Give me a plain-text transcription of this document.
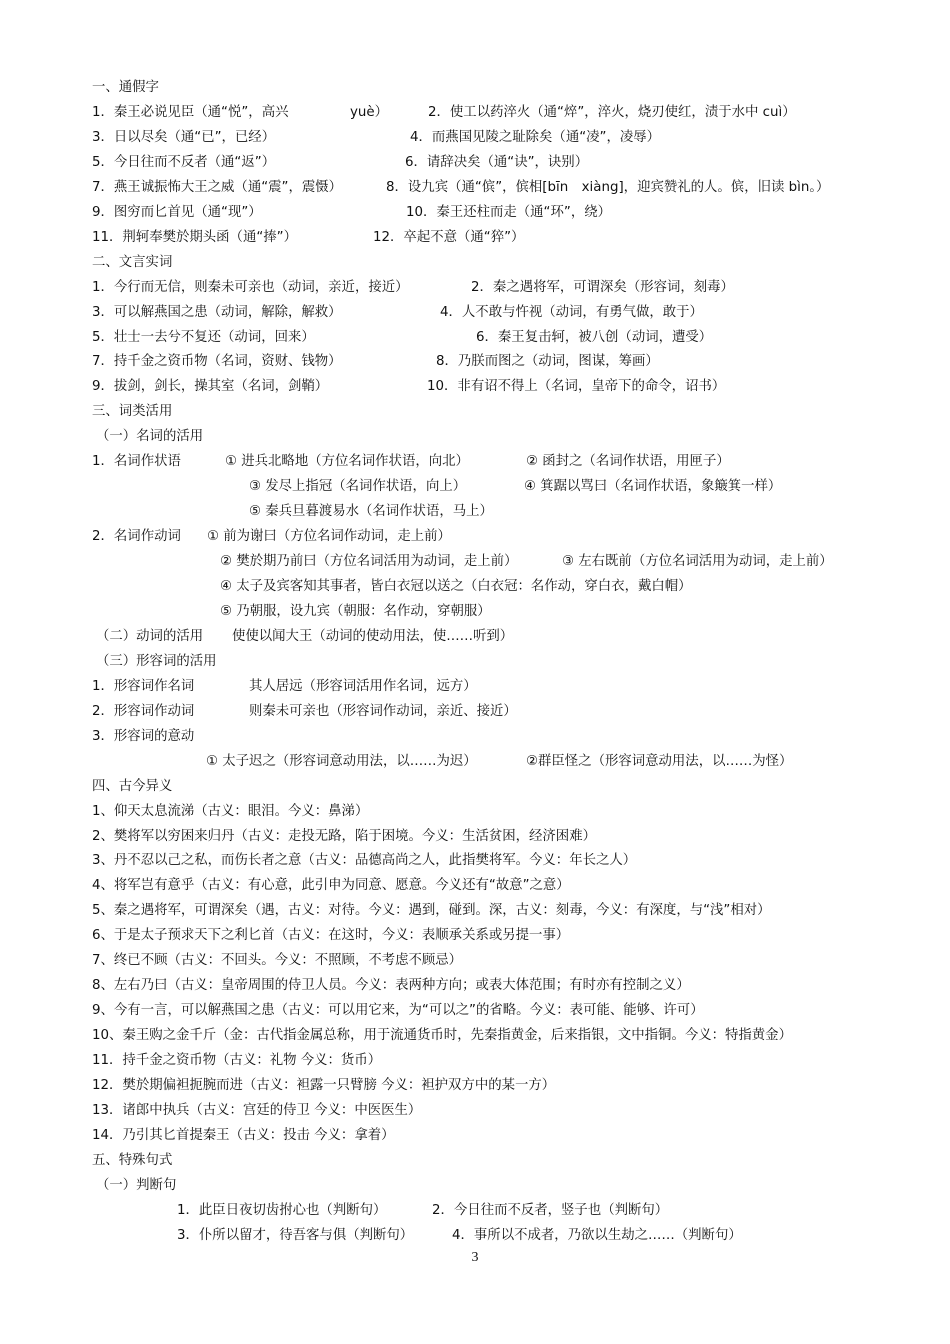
一、通假字
1．秦王必说见臣（通“悦”，高兴	yuè）	2．使工以药淬火（通“焠”，淬火，烧刃使红，渍于水中 cuì）
3．日以尽矣（通“已”，已经）	4．而燕国见陵之耻除矣（通“凌”，凌辱）
5．今日往而不反者（通“返”）	6．请辞决矣（通“诀”，诀别）
7．燕王诚振怖大王之威（通“震”，震慑）	8．设九宾（通“傧”，傧相[bīn　xiàng]，迎宾赞礼的人。傧，旧读 bìn。）
9．图穷而匕首见（通“现”）	10．秦王还柱而走（通“环”，绕）
11．荆轲奉樊於期头函（通“捧”）	12．卒起不意（通“猝”）
二、文言实词
1．今行而无信，则秦未可亲也（动词，亲近，接近）	2．秦之遇将军，可谓深矣（形容词，刻毒）
3．可以解燕国之患（动词，解除，解救）	4．人不敢与忤视（动词，有勇气做，敢于）
5．壮士一去兮不复还（动词，回来）	6．秦王复击轲，被八创（动词，遭受）
7．持千金之资币物（名词，资财、钱物）	8．乃朕而图之（动词，图谋，筹画）
9．拔剑，剑长，操其室（名词，剑鞘）	10．非有诏不得上（名词，皇帝下的命令，诏书）
三、词类活用
（一）名词的活用
1．名词作状语	① 进兵北略地（方位名词作状语，向北）	② 函封之（名词作状语，用匣子）
③ 发尽上指冠（名词作状语，向上）	④ 箕踞以骂曰（名词作状语，象簸箕一样）
⑤ 秦兵旦暮渡易水（名词作状语，马上）
2．名词作动词 ① 前为谢曰（方位名词作动词，走上前）
② 樊於期乃前曰（方位名词活用为动词，走上前）	③ 左右既前（方位名词活用为动词，走上前）
④ 太子及宾客知其事者，皆白衣冠以送之（白衣冠：名作动，穿白衣，戴白帽）
⑤ 乃朝服，设九宾（朝服：名作动，穿朝服）
（二）动词的活用 使使以闻大王（动词的使动用法，使……听到）
（三）形容词的活用
1．形容词作名词	其人居远（形容词活用作名词，远方）
2．形容词作动词	则秦未可亲也（形容词作动词，亲近、接近）
3．形容词的意动
① 太子迟之（形容词意动用法，以……为迟）	②群臣怪之（形容词意动用法，以……为怪）
四、古今异义
1、仰天太息流涕（古义：眼泪。今义：鼻涕）
2、樊将军以穷困来归丹（古义：走投无路，陷于困境。今义：生活贫困，经济困难）
3、丹不忍以己之私，而伤长者之意（古义：品德高尚之人，此指樊将军。今义：年长之人）
4、将军岂有意乎（古义：有心意，此引申为同意、愿意。今义还有“故意”之意）
5、秦之遇将军，可谓深矣（遇，古义：对待。今义：遇到，碰到。深，古义：刻毒，今义：有深度，与“浅”相对）
6、于是太子预求天下之利匕首（古义：在这时，今义：表顺承关系或另提一事）
7、终已不顾（古义：不回头。今义：不照顾，不考虑不顾忌）
8、左右乃曰（古义：皇帝周围的侍卫人员。今义：表两种方向；或表大体范围；有时亦有控制之义）
9、今有一言，可以解燕国之患（古义：可以用它来，为“可以之”的省略。今义：表可能、能够、许可）
10、秦王购之金千斤（金：古代指金属总称，用于流通货币时，先秦指黄金，后来指银，文中指铜。今义：特指黄金）
11．持千金之资币物（古义：礼物 今义：货币）
12．樊於期偏袒扼腕而进（古义：袒露一只臂膀 今义：袒护双方中的某一方）
13．诸郎中执兵（古义：宫廷的侍卫 今义：中医医生）
14．乃引其匕首提秦王（古义：投击 今义：拿着）
五、特殊句式
（一）判断句
1．此臣日夜切齿拊心也（判断句）	2．今日往而不反者，竖子也（判断句）
3．仆所以留才，待吾客与俱（判断句）	4．事所以不成者，乃欲以生劫之……（判断句）
3
